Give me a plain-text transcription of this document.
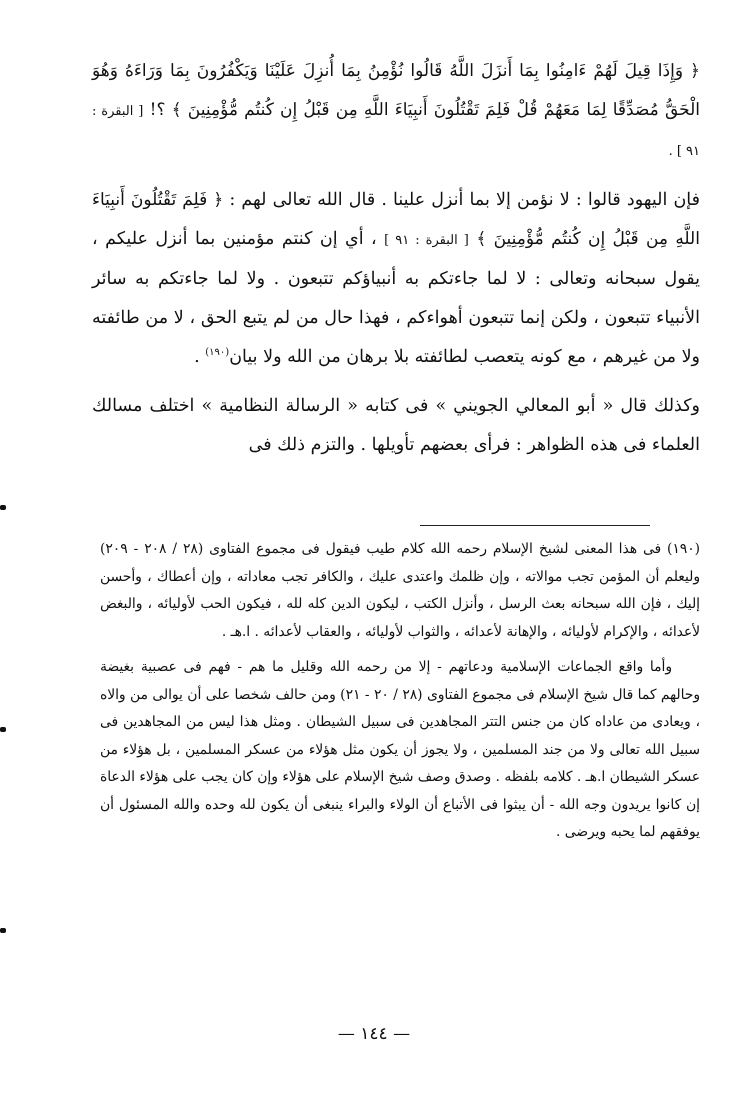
﴿ وَإِذَا قِيلَ لَهُمْ ءَامِنُوا بِمَا أَنزَلَ اللَّهُ قَالُوا نُؤْمِنُ بِمَا أُنزِلَ عَلَيْنَا وَيَكْفُرُونَ بِمَا وَرَاءَهُ وَهُوَ الْحَقُّ مُصَدِّقًا لِمَا مَعَهُمْ قُلْ فَلِمَ تَقْتُلُونَ أَنبِيَاءَ اللَّهِ مِن قَبْلُ إِن كُنتُم مُّؤْمِنِينَ ﴾ ؟! [ البقرة : ٩١ ] .

فإن اليهود قالوا : لا نؤمن إلا بما أنزل علينا . قال الله تعالى لهم : ﴿ فَلِمَ تَقْتُلُونَ أَنبِيَاءَ اللَّهِ مِن قَبْلُ إِن كُنتُم مُّؤْمِنِينَ ﴾ [ البقرة : ٩١ ] ، أي إن كنتم مؤمنين بما أنزل عليكم ، يقول سبحانه وتعالى : لا لما جاءتكم به أنبياؤكم تتبعون . ولا لما جاءتكم به سائر الأنبياء تتبعون ، ولكن إنما تتبعون أهواءكم ، فهذا حال من لم يتبع الحق ، لا من طائفته ولا من غيرهم ، مع كونه يتعصب لطائفته بلا برهان من الله ولا بيان$^{(١٩٠)}$ .

وكذلك قال « أبو المعالي الجويني » فى كتابه « الرسالة النظامية » اختلف مسالك العلماء فى هذه الظواهر : فرأى بعضهم تأويلها . والتزم ذلك فى

(١٩٠) فى هذا المعنى لشيخ الإسلام رحمه الله كلام طيب فيقول فى مجموع الفتاوى (٢٨ / ٢٠٨ - ٢٠٩) وليعلم أن المؤمن تجب موالاته ، وإن ظلمك واعتدى عليك ، والكافر تجب معاداته ، وإن أعطاك ، وأحسن إليك ، فإن الله سبحانه بعث الرسل ، وأنزل الكتب ، ليكون الدين كله لله ، فيكون الحب لأوليائه ، والبغض لأعدائه ، والإكرام لأوليائه ، والإهانة لأعدائه ، والثواب لأوليائه ، والعقاب لأعدائه . ا.هـ .

وأما واقع الجماعات الإسلامية ودعاتهم - إلا من رحمه الله وقليل ما هم - فهم فى عصبية بغيضة وحالهم كما قال شيخ الإسلام فى مجموع الفتاوى (٢٨ / ٢٠ - ٢١) ومن حالف شخصا على أن يوالى من والاه ، ويعادى من عاداه كان من جنس التتر المجاهدين فى سبيل الشيطان . ومثل هذا ليس من المجاهدين فى سبيل الله تعالى ولا من جند المسلمين ، ولا يجوز أن يكون مثل هؤلاء من عسكر المسلمين ، بل هؤلاء من عسكر الشيطان ا.هـ . كلامه بلفظه . وصدق وصف شيخ الإسلام على هؤلاء وإن كان يجب على هؤلاء الدعاة إن كانوا يريدون وجه الله - أن يبثوا فى الأتباع أن الولاء والبراء ينبغى أن يكون لله وحده والله المسئول أن يوفقهم لما يحبه ويرضى .

— ١٤٤ —
